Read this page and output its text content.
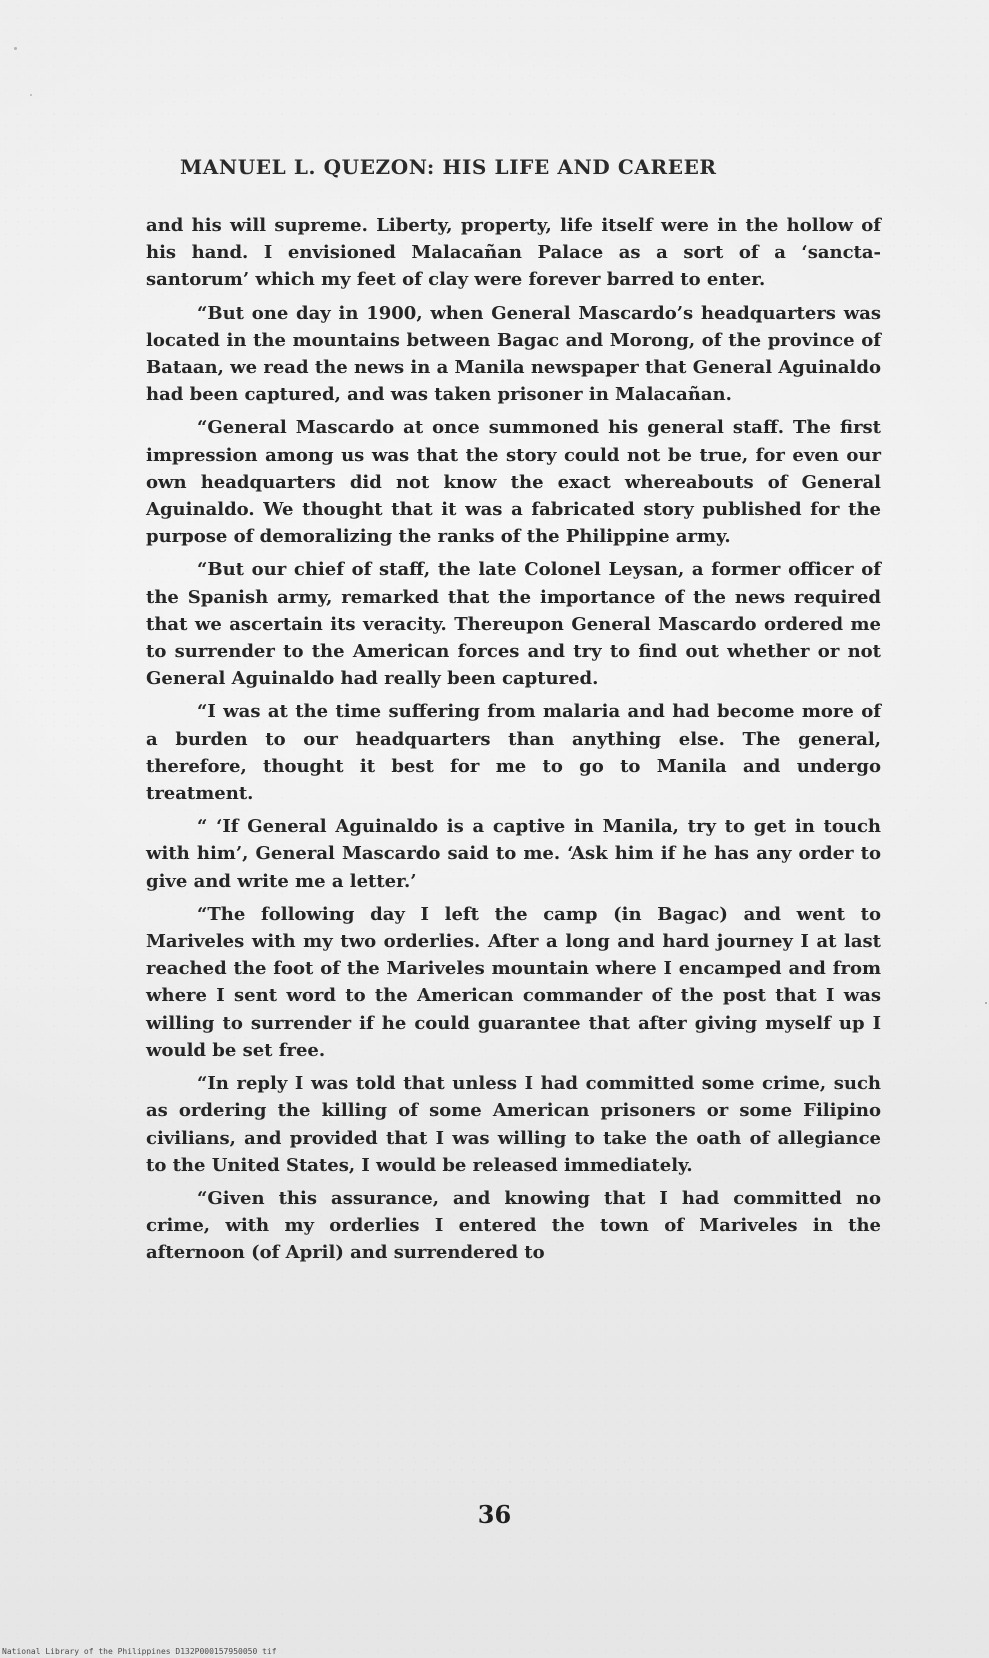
MANUEL L. QUEZON: HIS LIFE AND CAREER

and his will supreme. Liberty, property, life itself were in the hollow of his hand. I envisioned Malacañan Palace as a sort of a ‘sancta-santorum’ which my feet of clay were forever barred to enter.

“But one day in 1900, when General Mascardo’s headquarters was located in the mountains between Bagac and Morong, of the province of Bataan, we read the news in a Manila newspaper that General Aguinaldo had been captured, and was taken prisoner in Malacañan.

“General Mascardo at once summoned his general staff. The first impression among us was that the story could not be true, for even our own headquarters did not know the exact whereabouts of General Aguinaldo. We thought that it was a fabricated story published for the purpose of demoralizing the ranks of the Philippine army.

“But our chief of staff, the late Colonel Leysan, a former officer of the Spanish army, remarked that the importance of the news required that we ascertain its veracity. Thereupon General Mascardo ordered me to surrender to the American forces and try to find out whether or not General Aguinaldo had really been captured.

“I was at the time suffering from malaria and had become more of a burden to our headquarters than anything else. The general, therefore, thought it best for me to go to Manila and undergo treatment.

“ ‘If General Aguinaldo is a captive in Manila, try to get in touch with him’, General Mascardo said to me. ‘Ask him if he has any order to give and write me a letter.’

“The following day I left the camp (in Bagac) and went to Mariveles with my two orderlies. After a long and hard journey I at last reached the foot of the Mariveles mountain where I encamped and from where I sent word to the American commander of the post that I was willing to surrender if he could guarantee that after giving myself up I would be set free.

“In reply I was told that unless I had committed some crime, such as ordering the killing of some American prisoners or some Filipino civilians, and provided that I was willing to take the oath of allegiance to the United States, I would be released immediately.

“Given this assurance, and knowing that I had committed no crime, with my orderlies I entered the town of Mariveles in the afternoon (of April) and surrendered to

36
National Library of the Philippines D132P000157950050 tif
